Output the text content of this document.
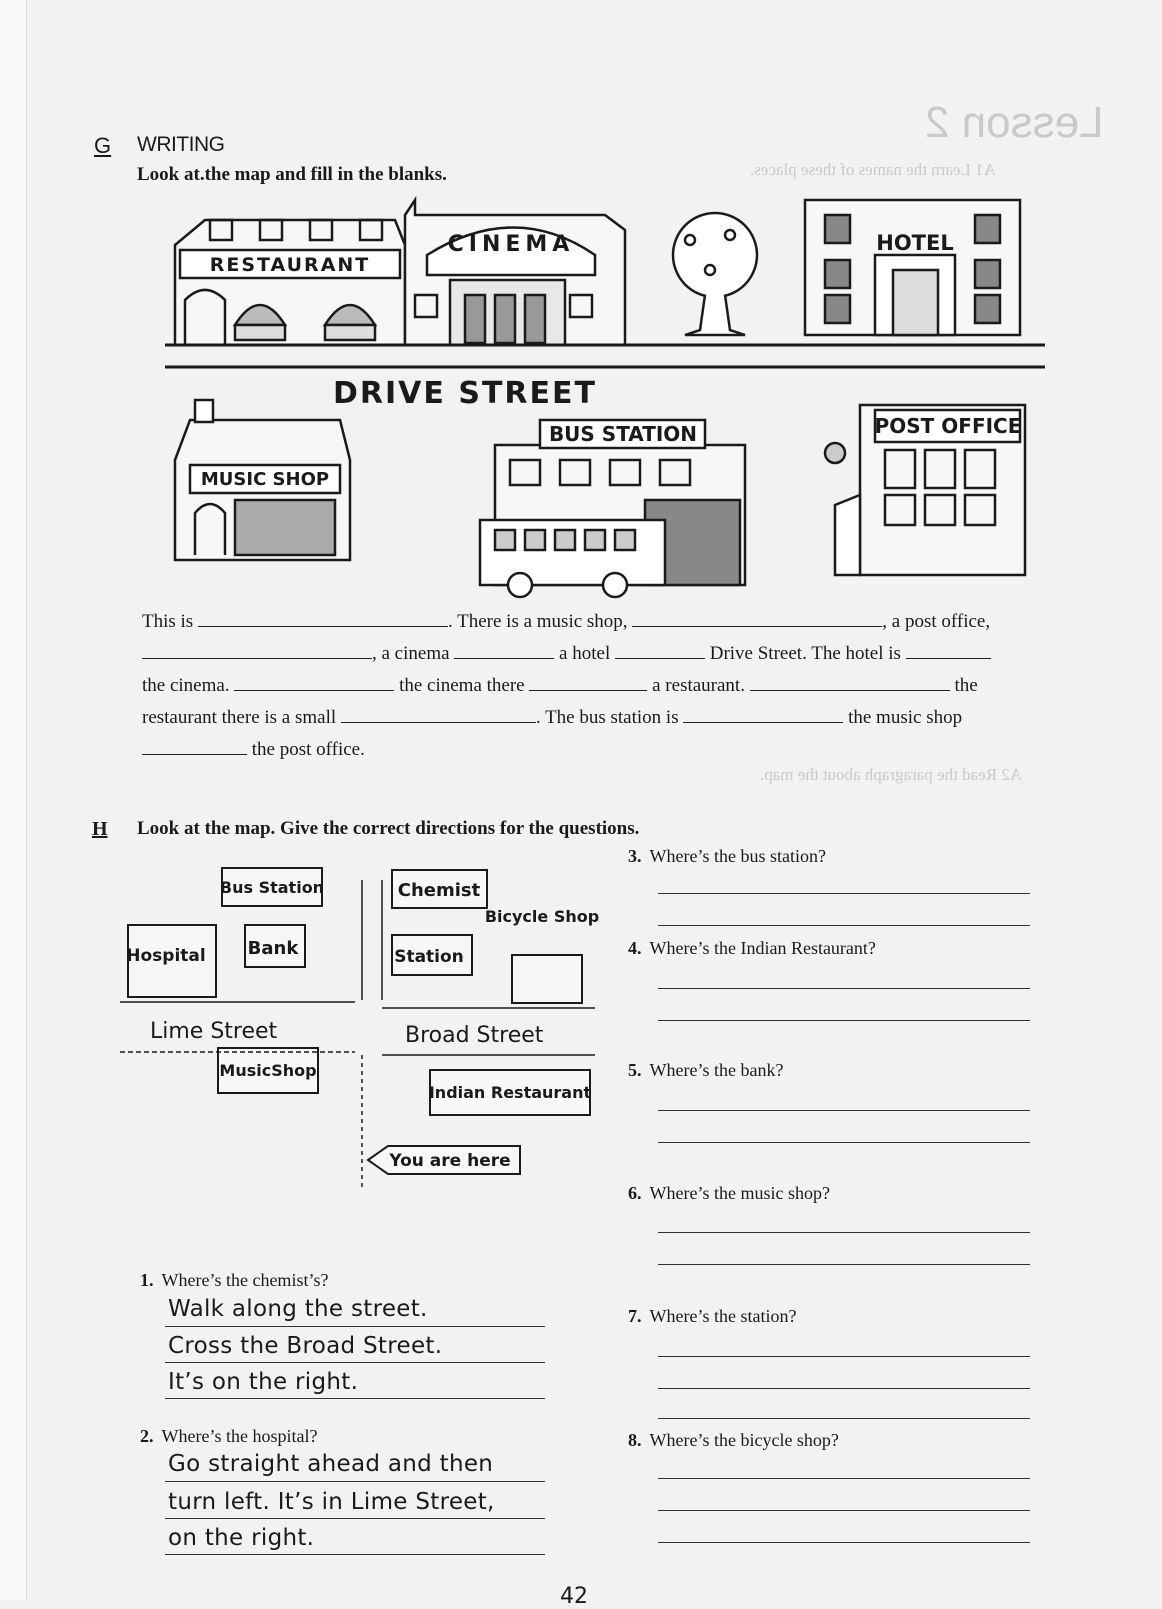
Lesson 2
A1 Learn the names of these places.
A2 Read the paragraph about the map.
G WRITING
Look at.the map and fill in the blanks.
RESTAURANT
CINEMA	HOTEL
DRIVE STREET
MUSIC SHOP
BUS STATION	POST OFFICE
This is	. There is a music shop,	, a post office,
, a cinema	a hotel	Drive Street. The hotel is
the cinema.	the cinema there	a restaurant.	the
restaurant there is a small	. The bus station is	the music shop
the post office.
H Look at the map. Give the correct directions for the questions.
Bus Station
Bank
Hospital
Chemist
Station
Bicycle Shop
Lime Street	Broad Street
MusicShop
Indian Restaurant
You are here
1. Where’s the chemist’s?
Walk along the street.
Cross the Broad Street.
It’s on the right.
2. Where’s the hospital?
Go straight ahead and then
turn left. It’s in Lime Street,
on the right.
3. Where’s the bus station?
4. Where’s the Indian Restaurant?
5. Where’s the bank?
6. Where’s the music shop?
7. Where’s the station?
8. Where’s the bicycle shop?
42
